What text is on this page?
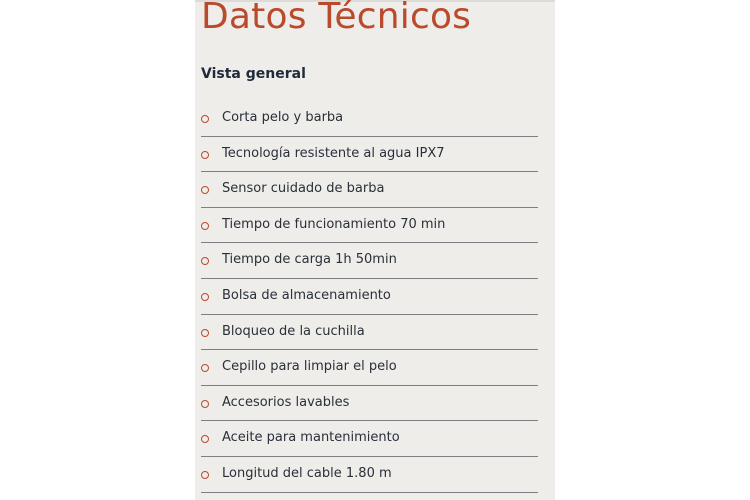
Datos Técnicos
Vista general
Corta pelo y barba
Tecnología resistente al agua IPX7
Sensor cuidado de barba
Tiempo de funcionamiento 70 min
Tiempo de carga 1h 50min
Bolsa de almacenamiento
Bloqueo de la cuchilla
Cepillo para limpiar el pelo
Accesorios lavables
Aceite para mantenimiento
Longitud del cable 1.80 m
